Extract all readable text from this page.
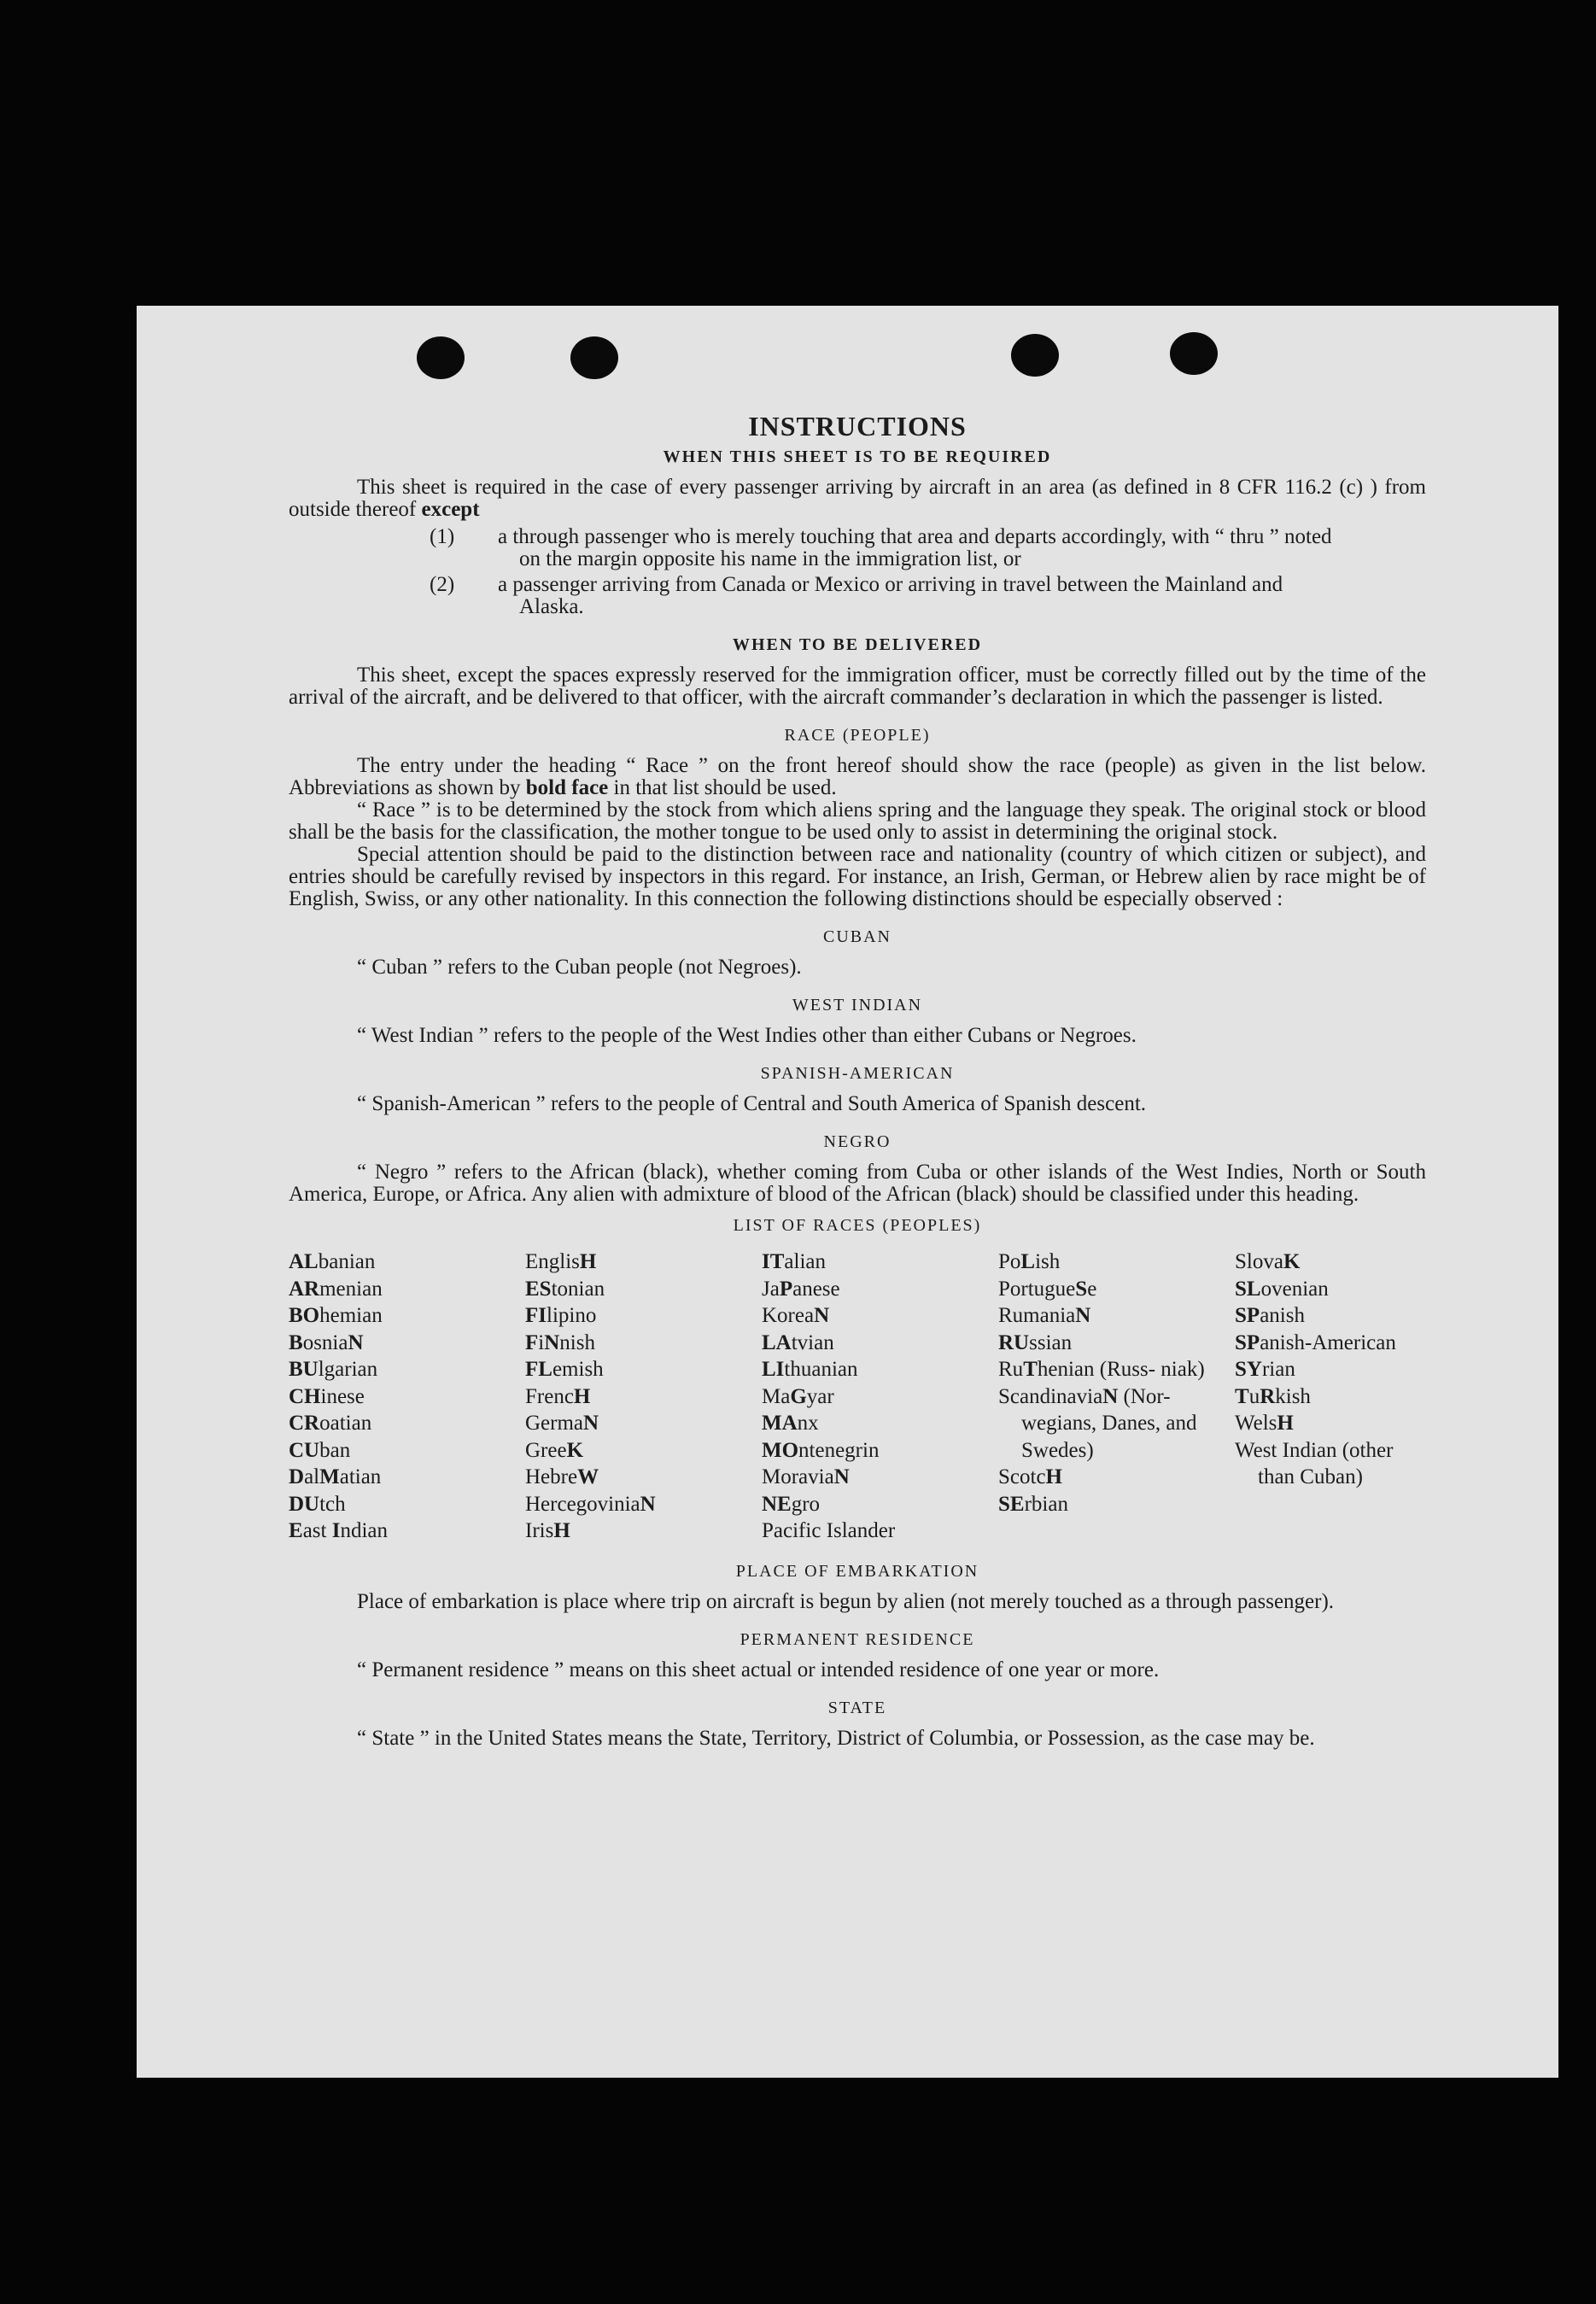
INSTRUCTIONS
WHEN THIS SHEET IS TO BE REQUIRED

This sheet is required in the case of every passenger arriving by aircraft in an area (as defined in 8 CFR 116.2 (c) ) from outside thereof except

(1) a through passenger who is merely touching that area and departs accordingly, with “ thru ” noted
on the margin opposite his name in the immigration list, or
(2) a passenger arriving from Canada or Mexico or arriving in travel between the Mainland and
Alaska.
WHEN TO BE DELIVERED

This sheet, except the spaces expressly reserved for the immigration officer, must be correctly filled out by the time of the arrival of the aircraft, and be delivered to that officer, with the aircraft commander’s declaration in which the passenger is listed.

RACE (PEOPLE)

The entry under the heading “ Race ” on the front hereof should show the race (people) as given in the list below. Abbreviations as shown by bold face in that list should be used.

“ Race ” is to be determined by the stock from which aliens spring and the language they speak. The original stock or blood shall be the basis for the classification, the mother tongue to be used only to assist in determining the original stock.

Special attention should be paid to the distinction between race and nationality (country of which citizen or subject), and entries should be carefully revised by inspectors in this regard. For instance, an Irish, German, or Hebrew alien by race might be of English, Swiss, or any other nationality. In this connection the following distinctions should be especially observed :

CUBAN

“ Cuban ” refers to the Cuban people (not Negroes).

WEST INDIAN

“ West Indian ” refers to the people of the West Indies other than either Cubans or Negroes.

SPANISH-AMERICAN

“ Spanish-American ” refers to the people of Central and South America of Spanish descent.

NEGRO

“ Negro ” refers to the African (black), whether coming from Cuba or other islands of the West Indies, North or South America, Europe, or Africa. Any alien with admixture of blood of the African (black) should be classified under this heading.

LIST OF RACES (PEOPLES)
ALbanian
ARmenian
BOhemian
BosniaN
BUlgarian
CHinese
CRoatian
CUban
DalMatian
DUtch
East Indian
EnglisH
EStonian
FIlipino
FiNnish
FLemish
FrencH
GermaN
GreeK
HebreW
HercegoviniaN
IrisH
ITalian
JaPanese
KoreaN
LAtvian
LIthuanian
MaGyar
MAnx
MOntenegrin
MoraviaN
NEgro
Pacific Islander
PoLish
PortugueSe
RumaniaN
RUssian
RuThenian (Russ- niak)
ScandinaviaN (Nor- wegians, Danes, and Swedes)
ScotcH
SErbian
SlovaK
SLovenian
SPanish
SPanish-American
SYrian
TuRkish
WelsH
West Indian (other than Cuban)
PLACE OF EMBARKATION

Place of embarkation is place where trip on aircraft is begun by alien (not merely touched as a through passenger).

PERMANENT RESIDENCE

“ Permanent residence ” means on this sheet actual or intended residence of one year or more.

STATE

“ State ” in the United States means the State, Territory, District of Columbia, or Possession, as the case may be.
